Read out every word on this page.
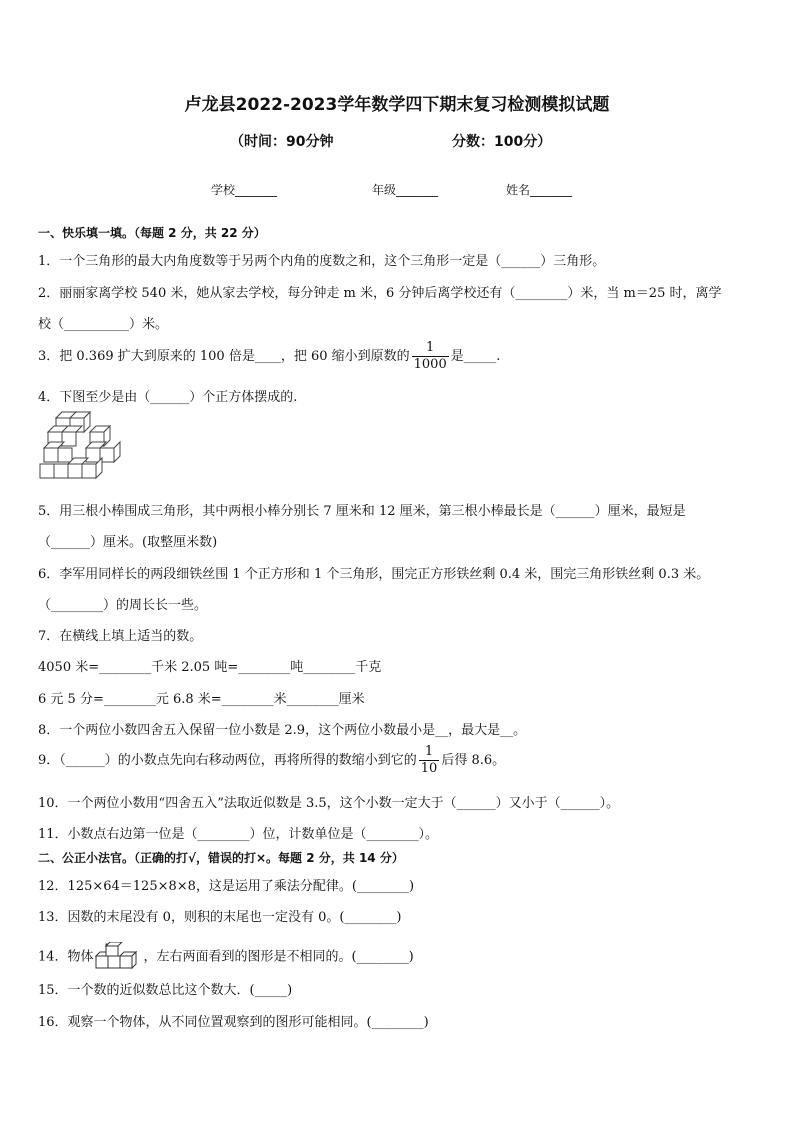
卢龙县2022-2023学年数学四下期末复习检测模拟试题
（时间：90分钟	分数：100分）
学校_______	年级_______	姓名_______
一、快乐填一填。（每题 2 分，共 22 分）
1．一个三角形的最大内角度数等于另两个内角的度数之和，这个三角形一定是（______）三角形。
2．丽丽家离学校 540 米，她从家去学校，每分钟走 m 米，6 分钟后离学校还有（________）米，当 m＝25 时，离学
校（__________）米。
3．把 0.369 扩大到原来的 100 倍是____，把 60 缩小到原数的 $\frac{1}{1000}$ 是_____.
4．下图至少是由（______）个正方体摆成的.
5．用三根小棒围成三角形，其中两根小棒分别长 7 厘米和 12 厘米，第三根小棒最长是（______）厘米，最短是
（______）厘米。(取整厘米数)
6．李军用同样长的两段细铁丝围 1 个正方形和 1 个三角形，围完正方形铁丝剩 0.4 米，围完三角形铁丝剩 0.3 米。
（________）的周长长一些。
7．在横线上填上适当的数。
4050 米=________千米 2.05 吨=________吨________千克
6 元 5 分=________元 6.8 米=________米________厘米
8．一个两位小数四舍五入保留一位小数是 2.9，这个两位小数最小是__，最大是__。
9．（______）的小数点先向右移动两位，再将所得的数缩小到它的 $\frac{1}{10}$ 后得 8.6。
10．一个两位小数用“四舍五入”法取近似数是 3.5，这个小数一定大于（______）又小于（______）。
11．小数点右边第一位是（________）位，计数单位是（________）。
二、公正小法官。（正确的打√，错误的打×。每题 2 分，共 14 分）
12．125×64＝125×8×8，这是运用了乘法分配律。(________)
13．因数的末尾没有 0，则积的末尾也一定没有 0。(________)
14．物体	，左右两面看到的图形是不相同的。(________)
15．一个数的近似数总比这个数大．(_____)
16．观察一个物体，从不同位置观察到的图形可能相同。(________)
